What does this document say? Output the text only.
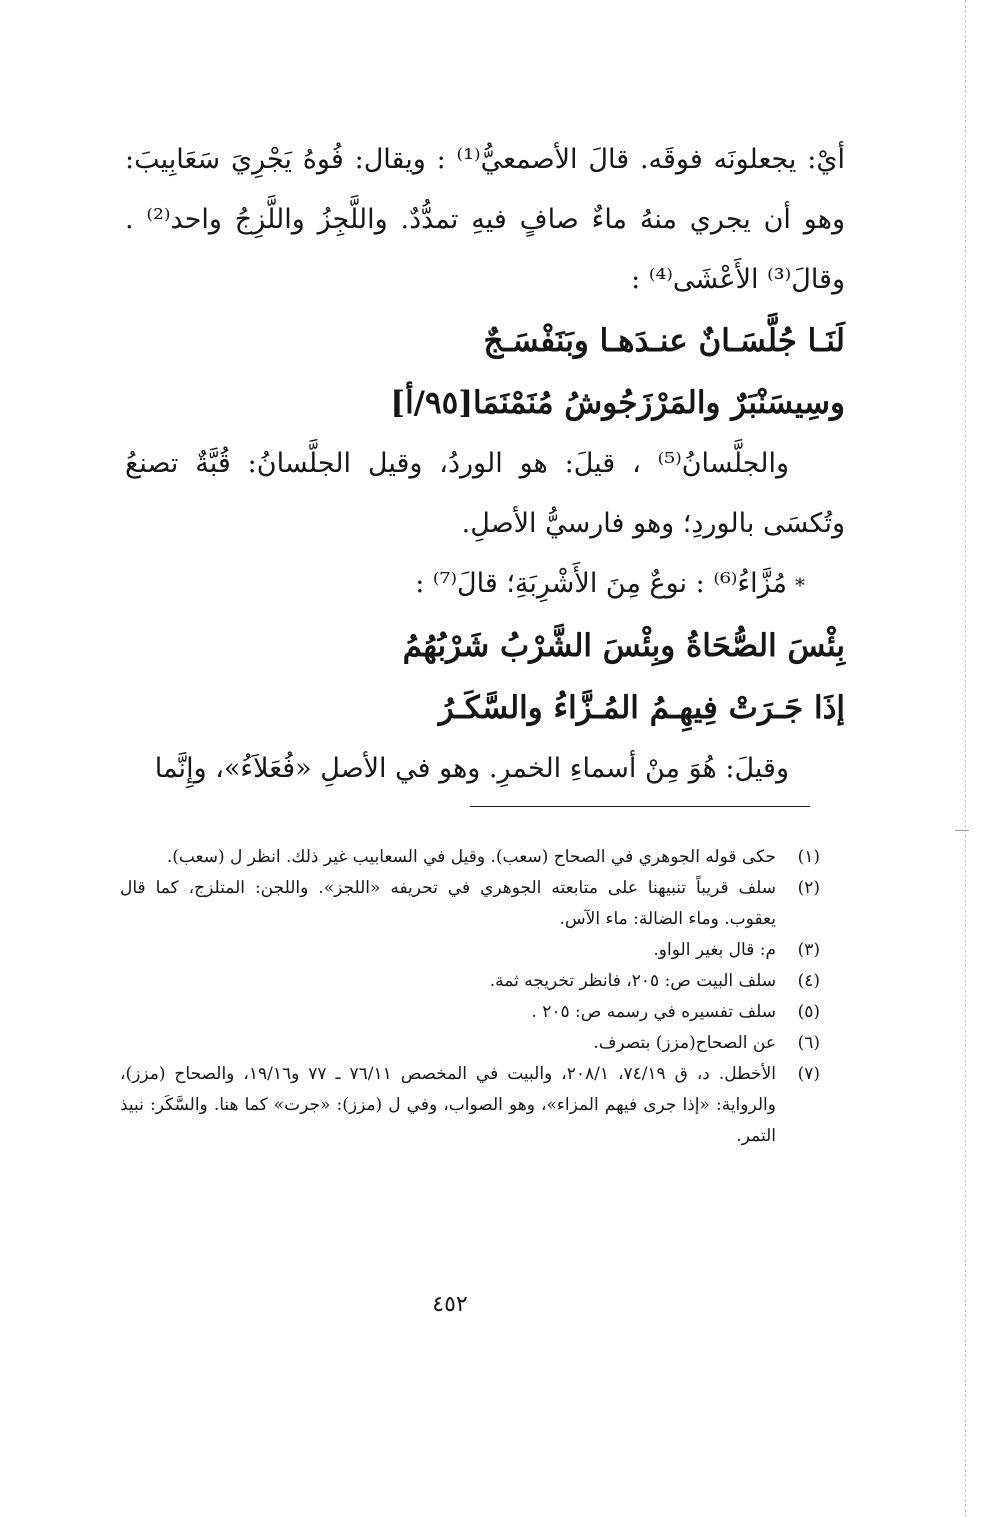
أيْ: يجعلونَه فوقَه. قالَ الأصمعيُّ⁽¹⁾ : ويقال: فُوهُ يَجْرِيَ سَعَابِيبَ: وهو أن يجري منهُ ماءٌ صافٍ فيهِ تمدُّدٌ. واللَّجِزُ واللَّزِجُ واحد⁽²⁾ . وقالَ⁽³⁾ الأَعْشَى⁽⁴⁾ :

لَنَـا جُلَّسَـانٌ عنـدَهـا وبَنَفْسَـجٌ

وسِيسَنْبَرٌ والمَرْزَجُوشُ مُنَمْنَمَا[٩٥/أ]

والجلَّسانُ⁽⁵⁾ ، قيلَ: هو الوردُ، وقيل الجلَّسانُ: قُبَّةٌ تصنعُ وتُكسَى بالوردِ؛ وهو فارسيُّ الأصلِ.

*مُزَّاءُ⁽⁶⁾ : نوعٌ مِنَ الأَشْرِبَةِ؛ قالَ⁽⁷⁾ :

بِئْسَ الصُّحَاةُ وبِئْسَ الشَّرْبُ شَرْبُهُمُ

إذَا جَـرَتْ فِيهِـمُ المُـزَّاءُ والسَّكَـرُ

وقيلَ: هُوَ مِنْ أسماءِ الخمرِ. وهو في الأصلِ «فُعَلاَءُ»، وإِنَّما

(١)
حكى قوله الجوهري في الصحاح (سعب). وقيل في السعابيب غير ذلك. انظر ل (سعب).
(٢)
سلف قريباً تنبيهنا على متابعته الجوهري في تحريفه «اللجز». واللجن: المتلزج، كما قال يعقوب. وماء الضالة: ماء الآس.
(٣)
م: قال بغير الواو.
(٤)
سلف البيت ص: ٢٠٥، فانظر تخريجه ثمة.
(٥)
سلف تفسيره في رسمه ص: ٢٠٥ .
(٦)
عن الصحاح(مزز) بتصرف.
(٧)
الأخطل. د، ق ٧٤/١٩، ٢٠٨/١، والبيت في المخصص ٧٦/١١ ـ ٧٧ و١٩/١٦، والصحاح (مزز)، والرواية: «إذا جرى فيهم المزاء»، وهو الصواب، وفي ل (مزز): «جرت» كما هنا. والسَّكَر: نبيذ التمر.
٤٥٢
